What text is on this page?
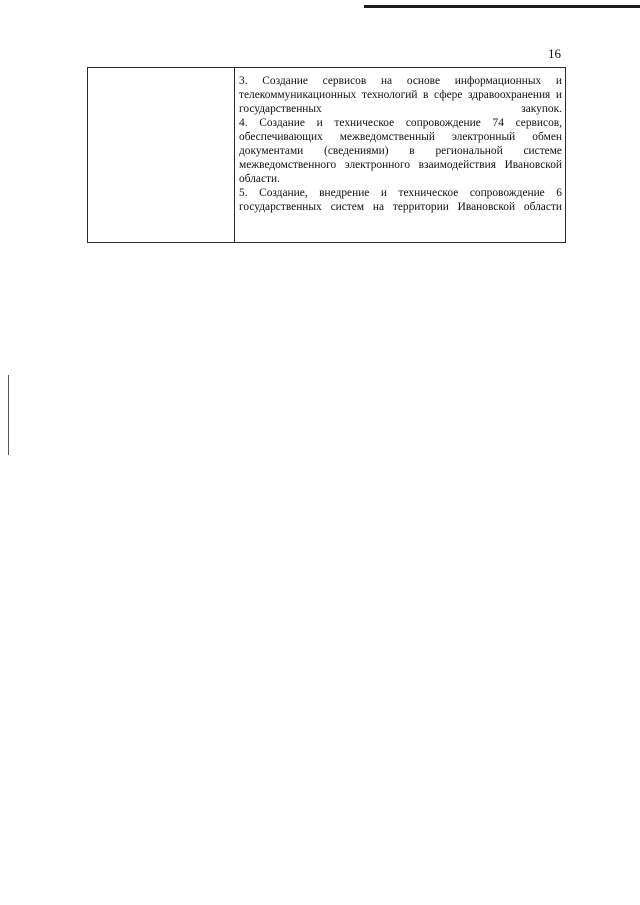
16

3. Создание сервисов на основе информационных и телекоммуникационных технологий в сфере здравоохранения и государственных закупок.

4. Создание и техническое сопровождение 74 сервисов, обеспечивающих межведомственный электронный обмен документами (сведениями) в региональной системе межведомственного электронного взаимодействия Ивановской области.

5. Создание, внедрение и техническое сопровождение 6 государственных систем на территории Ивановской области
